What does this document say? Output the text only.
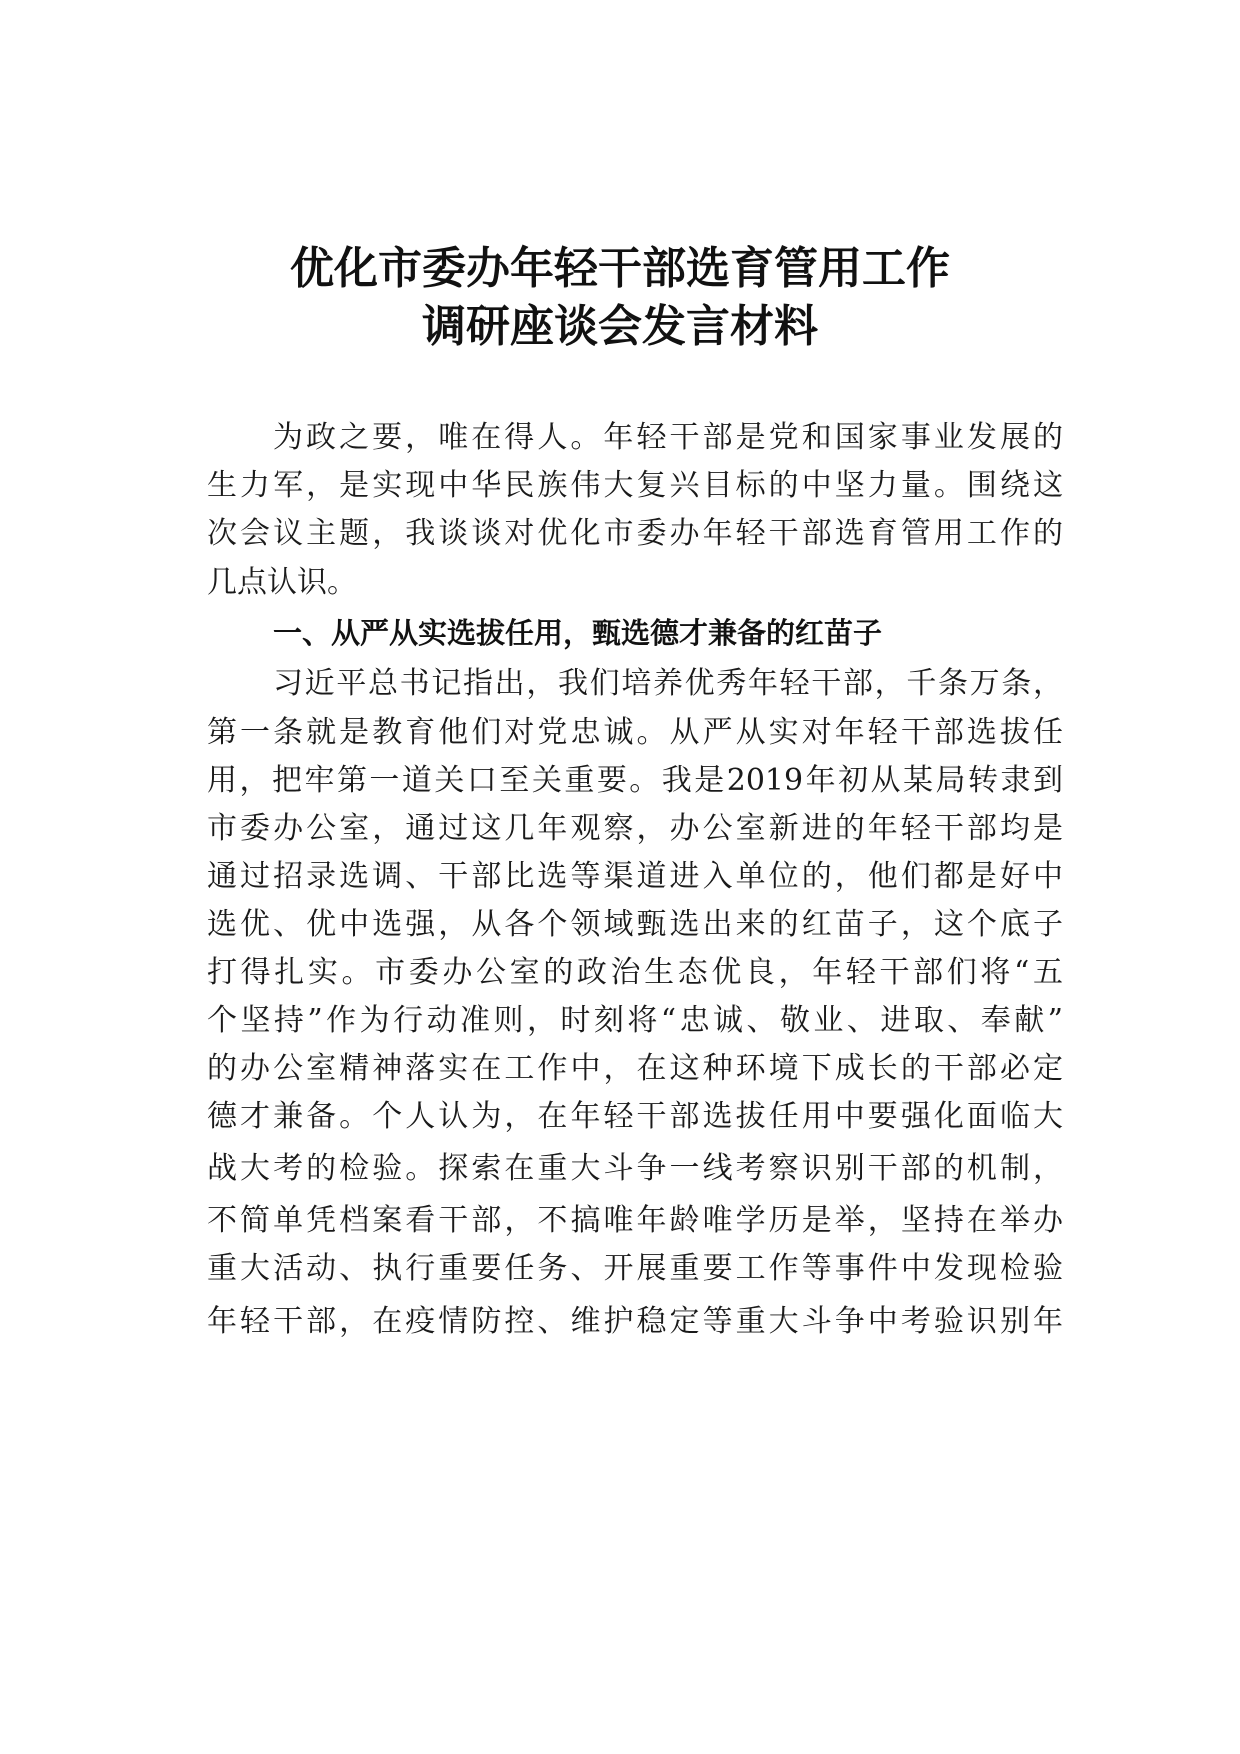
优化市委办年轻干部选育管用工作
调研座谈会发言材料
为政之要，唯在得人。年轻干部是党和国家事业发展的
生力军，是实现中华民族伟大复兴目标的中坚力量。围绕这
次会议主题，我谈谈对优化市委办年轻干部选育管用工作的
几点认识。
一、从严从实选拔任用，甄选德才兼备的红苗子
习近平总书记指出，我们培养优秀年轻干部，千条万条，
第一条就是教育他们对党忠诚。从严从实对年轻干部选拔任
用，把牢第一道关口至关重要。我是2019年初从某局转隶到
市委办公室，通过这几年观察，办公室新进的年轻干部均是
通过招录选调、干部比选等渠道进入单位的，他们都是好中
选优、优中选强，从各个领域甄选出来的红苗子，这个底子
打得扎实。市委办公室的政治生态优良，年轻干部们将“五
个坚持”作为行动准则，时刻将“忠诚、敬业、进取、奉献”
的办公室精神落实在工作中，在这种环境下成长的干部必定
德才兼备。个人认为，在年轻干部选拔任用中要强化面临大
战大考的检验。探索在重大斗争一线考察识别干部的机制，
不简单凭档案看干部，不搞唯年龄唯学历是举，坚持在举办
重大活动、执行重要任务、开展重要工作等事件中发现检验
年轻干部，在疫情防控、维护稳定等重大斗争中考验识别年
